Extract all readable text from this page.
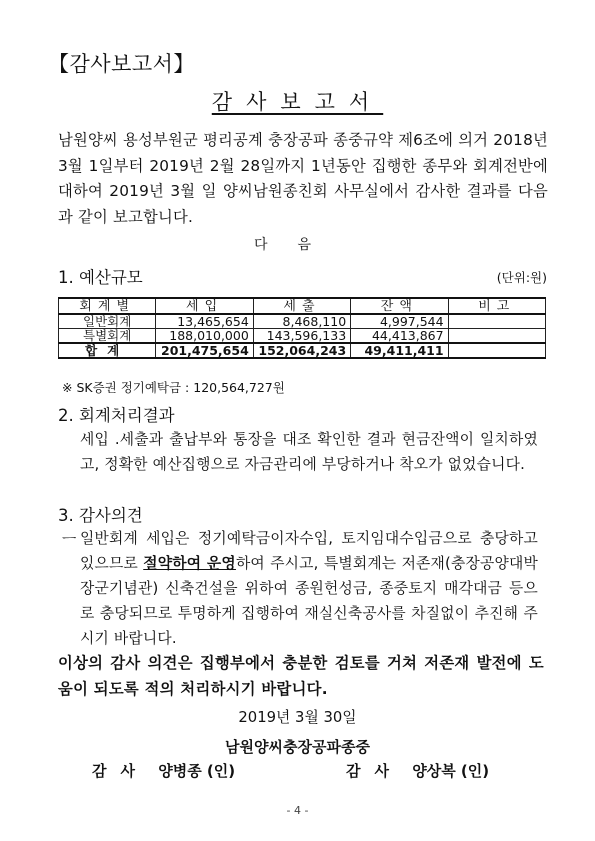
【감사보고서】
감사보고서
남원양씨 용성부원군 평리공계 충장공파 종중규약 제6조에 의거 2018년 3월 1일부터 2019년 2월 28일까지 1년동안 집행한 종무와 회계전반에 대하여 2019년 3월 일 양씨남원종친회 사무실에서 감사한 결과를 다음과 같이 보고합니다.
다음
1. 예산규모	(단위:원)
회계별	세입	세출	잔액	비고
일반회계	13,465,654	8,468,110	4,997,544	
특별회계	188,010,000	143,596,133	44,413,867	
합계	201,475,654	152,064,243	49,411,411	
※ SK증권 정기예탁금 : 120,564,727원
2. 회계처리결과
세입 .세출과 출납부와 통장을 대조 확인한 결과 현금잔액이 일치하였고, 정확한 예산집행으로 자금관리에 부당하거나 착오가 없었습니다.
3. 감사의견
ㅡ 일반회계 세입은 정기예탁금이자수입, 토지임대수입금으로 충당하고 있으므로 절약하여 운영하여 주시고, 특별회계는 저존재(충장공양대박장군기념관) 신축건설을 위하여 종원헌성금, 종중토지 매각대금 등으로 충당되므로 투명하게 집행하여 재실신축공사를 차질없이 추진해 주시기 바랍니다.
이상의 감사 의견은 집행부에서 충분한 검토를 거쳐 저존재 발전에 도움이 되도록 적의 처리하시기 바랍니다.
2019년 3월 30일
남원양씨충장공파종중
감사 양병종 (인)	감사 양상복 (인)
- 4 -
